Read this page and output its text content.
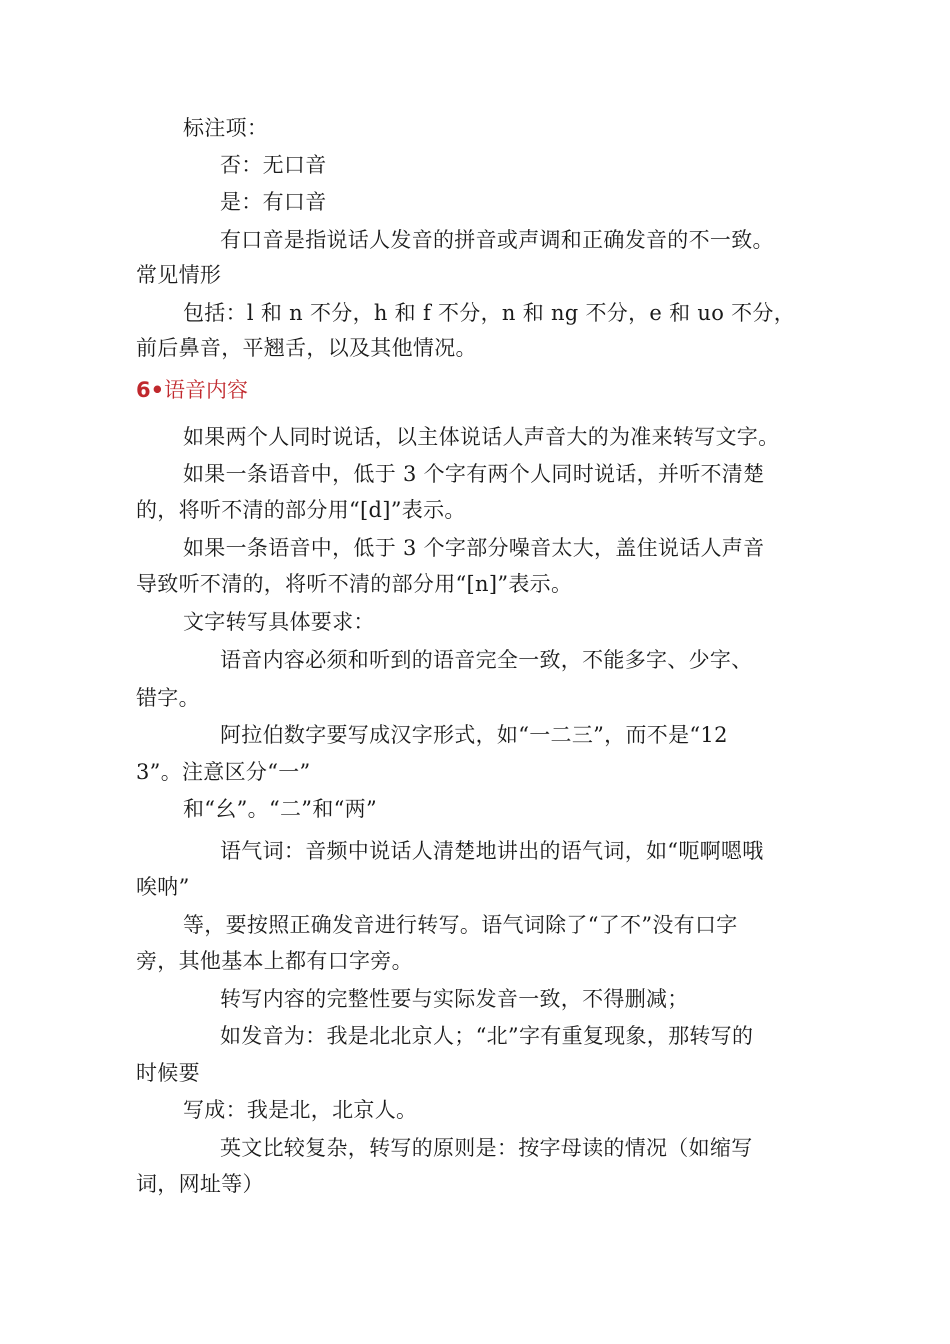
标注项：
否：无口音
是：有口音
有口音是指说话人发音的拼音或声调和正确发音的不一致。
常见情形
包括：l 和 n 不分，h 和 f 不分，n 和 ng 不分，e 和 uo 不分，
前后鼻音，平翘舌，以及其他情况。
6•语音内容
如果两个人同时说话，以主体说话人声音大的为准来转写文字。
如果一条语音中，低于 3 个字有两个人同时说话，并听不清楚
的，将听不清的部分用“[d]”表示。
如果一条语音中，低于 3 个字部分噪音太大，盖住说话人声音
导致听不清的，将听不清的部分用“[n]”表示。
文字转写具体要求：
语音内容必须和听到的语音完全一致，不能多字、少字、
错字。
阿拉伯数字要写成汉字形式，如“一二三”，而不是“12
3”。注意区分“一”
和“幺”。“二”和“两”
语气词：音频中说话人清楚地讲出的语气词，如“呃啊嗯哦
唉呐”
等，要按照正确发音进行转写。语气词除了“了不”没有口字
旁，其他基本上都有口字旁。
转写内容的完整性要与实际发音一致，不得删减；
如发音为：我是北北京人；“北”字有重复现象，那转写的
时候要
写成：我是北，北京人。
英文比较复杂，转写的原则是：按字母读的情况（如缩写
词，网址等）
